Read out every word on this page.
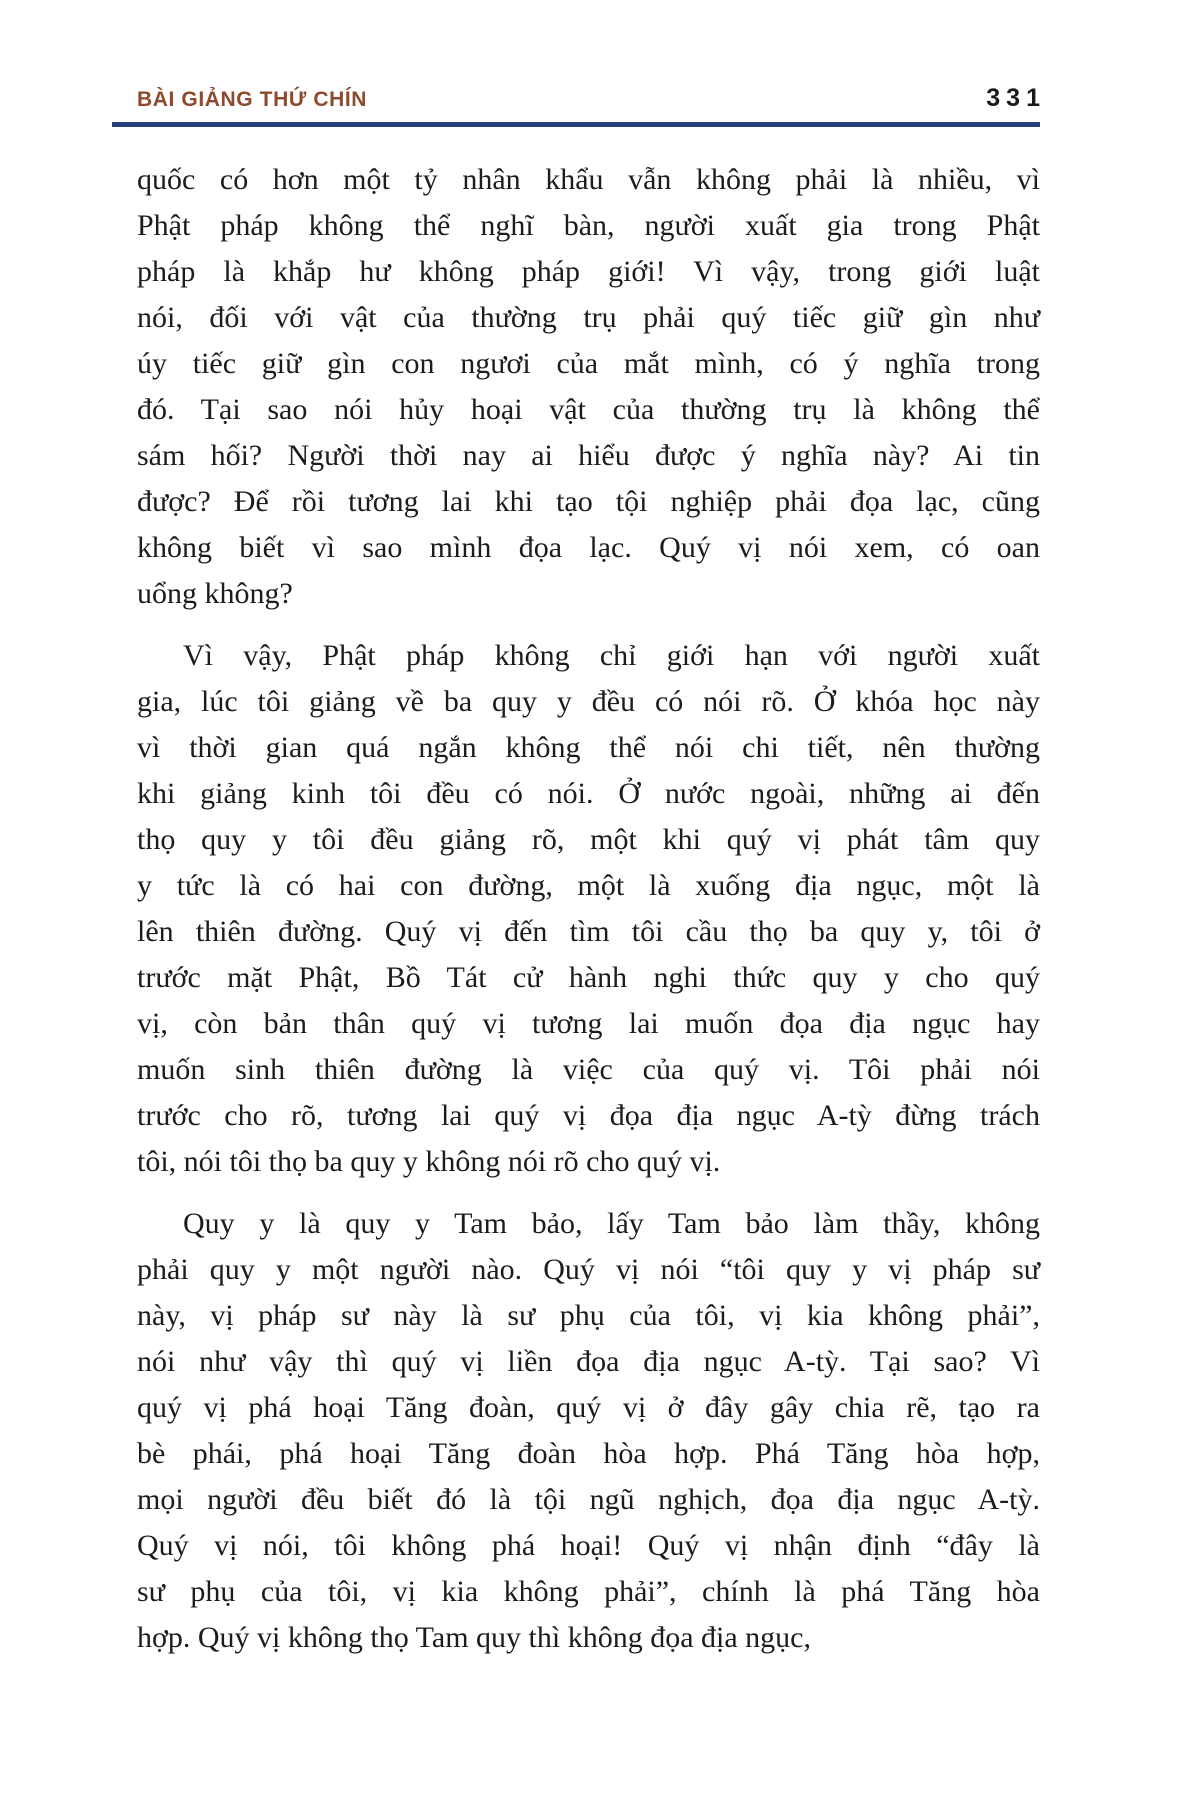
BÀI GIẢNG THỨ CHÍN	331
quốc có hơn một tỷ nhân khẩu vẫn không phải là nhiều, vì
Phật pháp không thể nghĩ bàn, người xuất gia trong Phật
pháp là khắp hư không pháp giới! Vì vậy, trong giới luật
nói, đối với vật của thường trụ phải quý tiếc giữ gìn như
úy tiếc giữ gìn con ngươi của mắt mình, có ý nghĩa trong
đó. Tại sao nói hủy hoại vật của thường trụ là không thể
sám hối? Người thời nay ai hiểu được ý nghĩa này? Ai tin
được? Để rồi tương lai khi tạo tội nghiệp phải đọa lạc, cũng
không biết vì sao mình đọa lạc. Quý vị nói xem, có oan
uổng không?
Vì vậy, Phật pháp không chỉ giới hạn với người xuất
gia, lúc tôi giảng về ba quy y đều có nói rõ. Ở khóa học này
vì thời gian quá ngắn không thể nói chi tiết, nên thường
khi giảng kinh tôi đều có nói. Ở nước ngoài, những ai đến
thọ quy y tôi đều giảng rõ, một khi quý vị phát tâm quy
y tức là có hai con đường, một là xuống địa ngục, một là
lên thiên đường. Quý vị đến tìm tôi cầu thọ ba quy y, tôi ở
trước mặt Phật, Bồ Tát cử hành nghi thức quy y cho quý
vị, còn bản thân quý vị tương lai muốn đọa địa ngục hay
muốn sinh thiên đường là việc của quý vị. Tôi phải nói
trước cho rõ, tương lai quý vị đọa địa ngục A-tỳ đừng trách
tôi, nói tôi thọ ba quy y không nói rõ cho quý vị.
Quy y là quy y Tam bảo, lấy Tam bảo làm thầy, không
phải quy y một người nào. Quý vị nói “tôi quy y vị pháp sư
này, vị pháp sư này là sư phụ của tôi, vị kia không phải”,
nói như vậy thì quý vị liền đọa địa ngục A-tỳ. Tại sao? Vì
quý vị phá hoại Tăng đoàn, quý vị ở đây gây chia rẽ, tạo ra
bè phái, phá hoại Tăng đoàn hòa hợp. Phá Tăng hòa hợp,
mọi người đều biết đó là tội ngũ nghịch, đọa địa ngục A-tỳ.
Quý vị nói, tôi không phá hoại! Quý vị nhận định “đây là
sư phụ của tôi, vị kia không phải”, chính là phá Tăng hòa
hợp. Quý vị không thọ Tam quy thì không đọa địa ngục,
